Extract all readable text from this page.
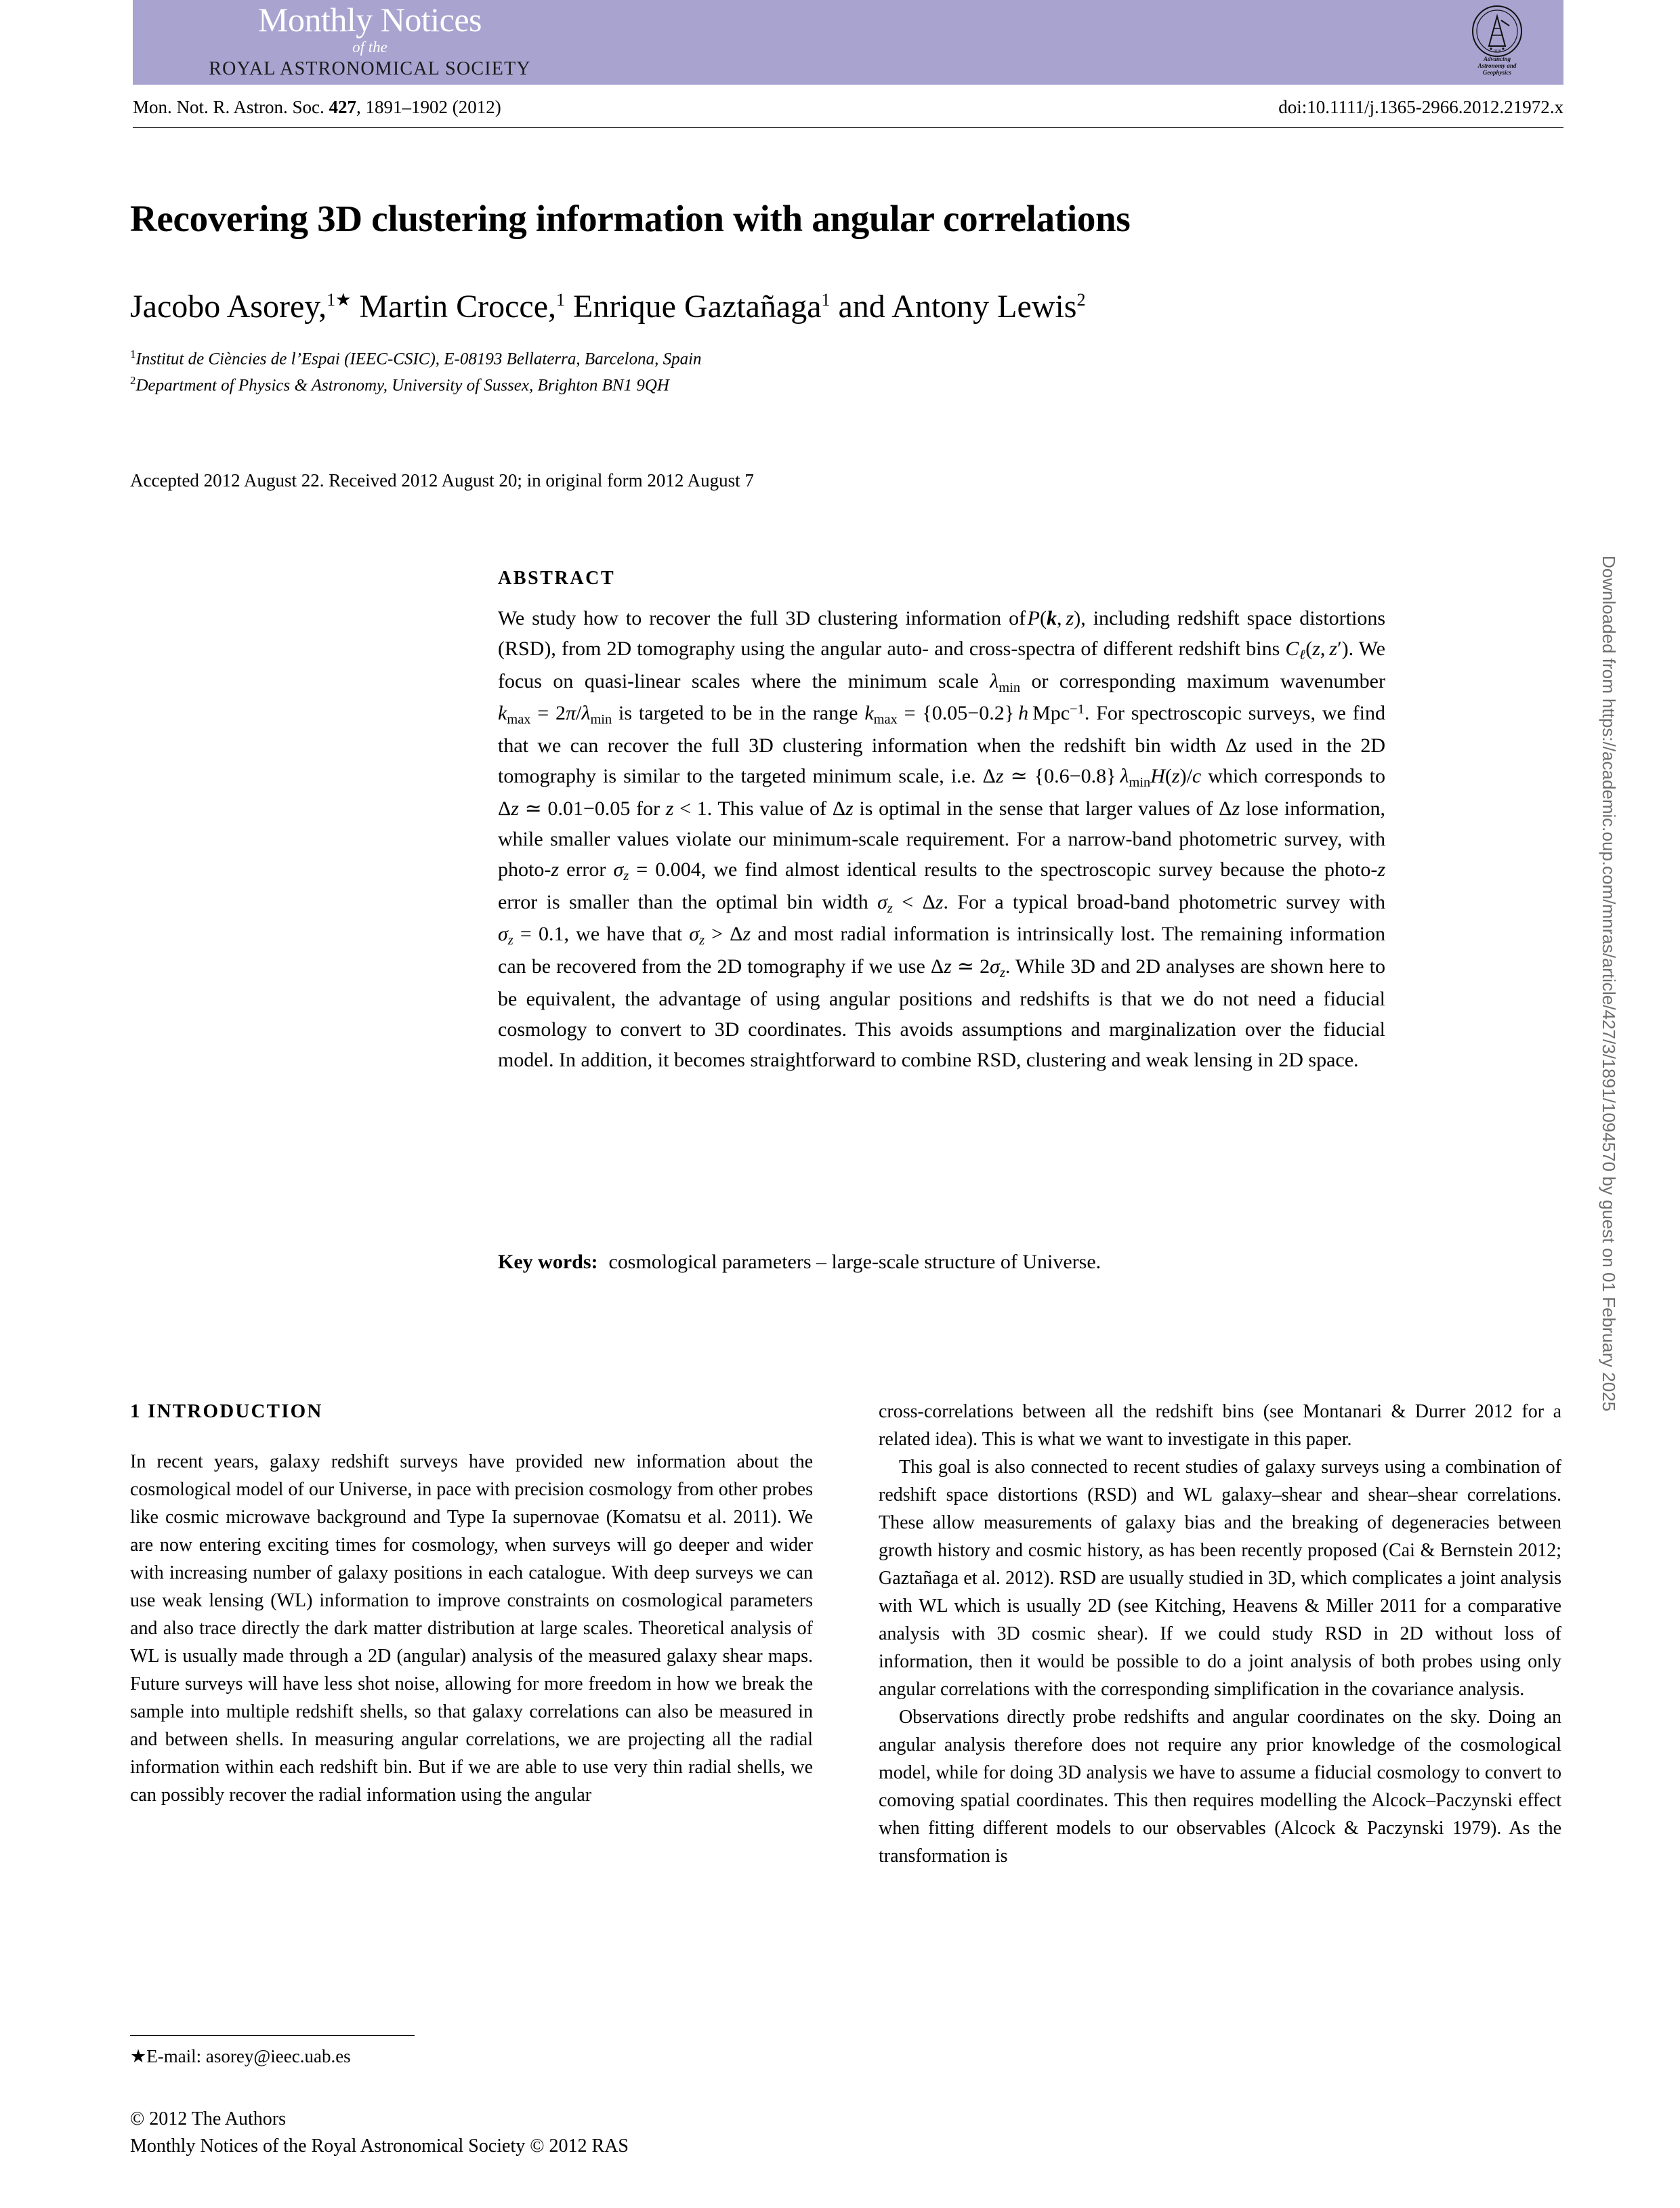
Monthly Notices
of the
ROYAL ASTRONOMICAL SOCIETY
1820
Advancing
Astronomy and
Geophysics
Mon. Not. R. Astron. Soc. 427, 1891–1902 (2012)	doi:10.1111/j.1365-2966.2012.21972.x
Recovering 3D clustering information with angular correlations
Jacobo Asorey,$^{1★}$ Martin Crocce,$^1$ Enrique Gaztañaga$^1$ and Antony Lewis$^2$
$^1$Institut de Ciències de l’Espai (IEEC-CSIC), E-08193 Bellaterra, Barcelona, Spain
$^2$Department of Physics & Astronomy, University of Sussex, Brighton BN1 9QH
Accepted 2012 August 22. Received 2012 August 20; in original form 2012 August 7
ABSTRACT
We study how to recover the full 3D clustering information of P(k, z), including redshift space distortions (RSD), from 2D tomography using the angular auto- and cross-spectra of different redshift bins $C_\ell(z$, z′). We focus on quasi-linear scales where the minimum scale $\lambda_{min}$ or corresponding maximum wavenumber $k_{max} = 2\pi/\lambda_{min}$ is targeted to be in the range $k_{max} = \{0.05-0.2\}$ h Mpc$^{-1}$. For spectroscopic surveys, we find that we can recover the full 3D clustering information when the redshift bin width Δz used in the 2D tomography is similar to the targeted minimum scale, i.e. Δz ≃ {0.6−0.8} $\lambda_{min}H(z)/c$ which corresponds to Δz ≃ 0.01−0.05 for z < 1. This value of Δz is optimal in the sense that larger values of Δz lose information, while smaller values violate our minimum-scale requirement. For a narrow-band photometric survey, with photo-z error $\sigma_z = 0.004$, we find almost identical results to the spectroscopic survey because the photo-z error is smaller than the optimal bin width $\sigma_z < \Delta z$. For a typical broad-band photometric survey with $\sigma_z = 0.1$, we have that $\sigma_z > \Delta z$ and most radial information is intrinsically lost. The remaining information can be recovered from the 2D tomography if we use Δz ≃ $2\sigma_z$. While 3D and 2D analyses are shown here to be equivalent, the advantage of using angular positions and redshifts is that we do not need a fiducial cosmology to convert to 3D coordinates. This avoids assumptions and marginalization over the fiducial model. In addition, it becomes straightforward to combine RSD, clustering and weak lensing in 2D space.
Key words: cosmological parameters – large-scale structure of Universe.
1 INTRODUCTION

In recent years, galaxy redshift surveys have provided new information about the cosmological model of our Universe, in pace with precision cosmology from other probes like cosmic microwave background and Type Ia supernovae (Komatsu et al. 2011). We are now entering exciting times for cosmology, when surveys will go deeper and wider with increasing number of galaxy positions in each catalogue. With deep surveys we can use weak lensing (WL) information to improve constraints on cosmological parameters and also trace directly the dark matter distribution at large scales. Theoretical analysis of WL is usually made through a 2D (angular) analysis of the measured galaxy shear maps. Future surveys will have less shot noise, allowing for more freedom in how we break the sample into multiple redshift shells, so that galaxy correlations can also be measured in and between shells. In measuring angular correlations, we are projecting all the radial information within each redshift bin. But if we are able to use very thin radial shells, we can possibly recover the radial information using the angular

cross-correlations between all the redshift bins (see Montanari & Durrer 2012 for a related idea). This is what we want to investigate in this paper.

This goal is also connected to recent studies of galaxy surveys using a combination of redshift space distortions (RSD) and WL galaxy–shear and shear–shear correlations. These allow measurements of galaxy bias and the breaking of degeneracies between growth history and cosmic history, as has been recently proposed (Cai & Bernstein 2012; Gaztañaga et al. 2012). RSD are usually studied in 3D, which complicates a joint analysis with WL which is usually 2D (see Kitching, Heavens & Miller 2011 for a comparative analysis with 3D cosmic shear). If we could study RSD in 2D without loss of information, then it would be possible to do a joint analysis of both probes using only angular correlations with the corresponding simplification in the covariance analysis.

Observations directly probe redshifts and angular coordinates on the sky. Doing an angular analysis therefore does not require any prior knowledge of the cosmological model, while for doing 3D analysis we have to assume a fiducial cosmology to convert to comoving spatial coordinates. This then requires modelling the Alcock–Paczynski effect when fitting different models to our observables (Alcock & Paczynski 1979). As the transformation is

★E-mail: asorey@ieec.uab.es
© 2012 The Authors
Monthly Notices of the Royal Astronomical Society © 2012 RAS
Downloaded from https://academic.oup.com/mnras/article/427/3/1891/1094570 by guest on 01 February 2025
